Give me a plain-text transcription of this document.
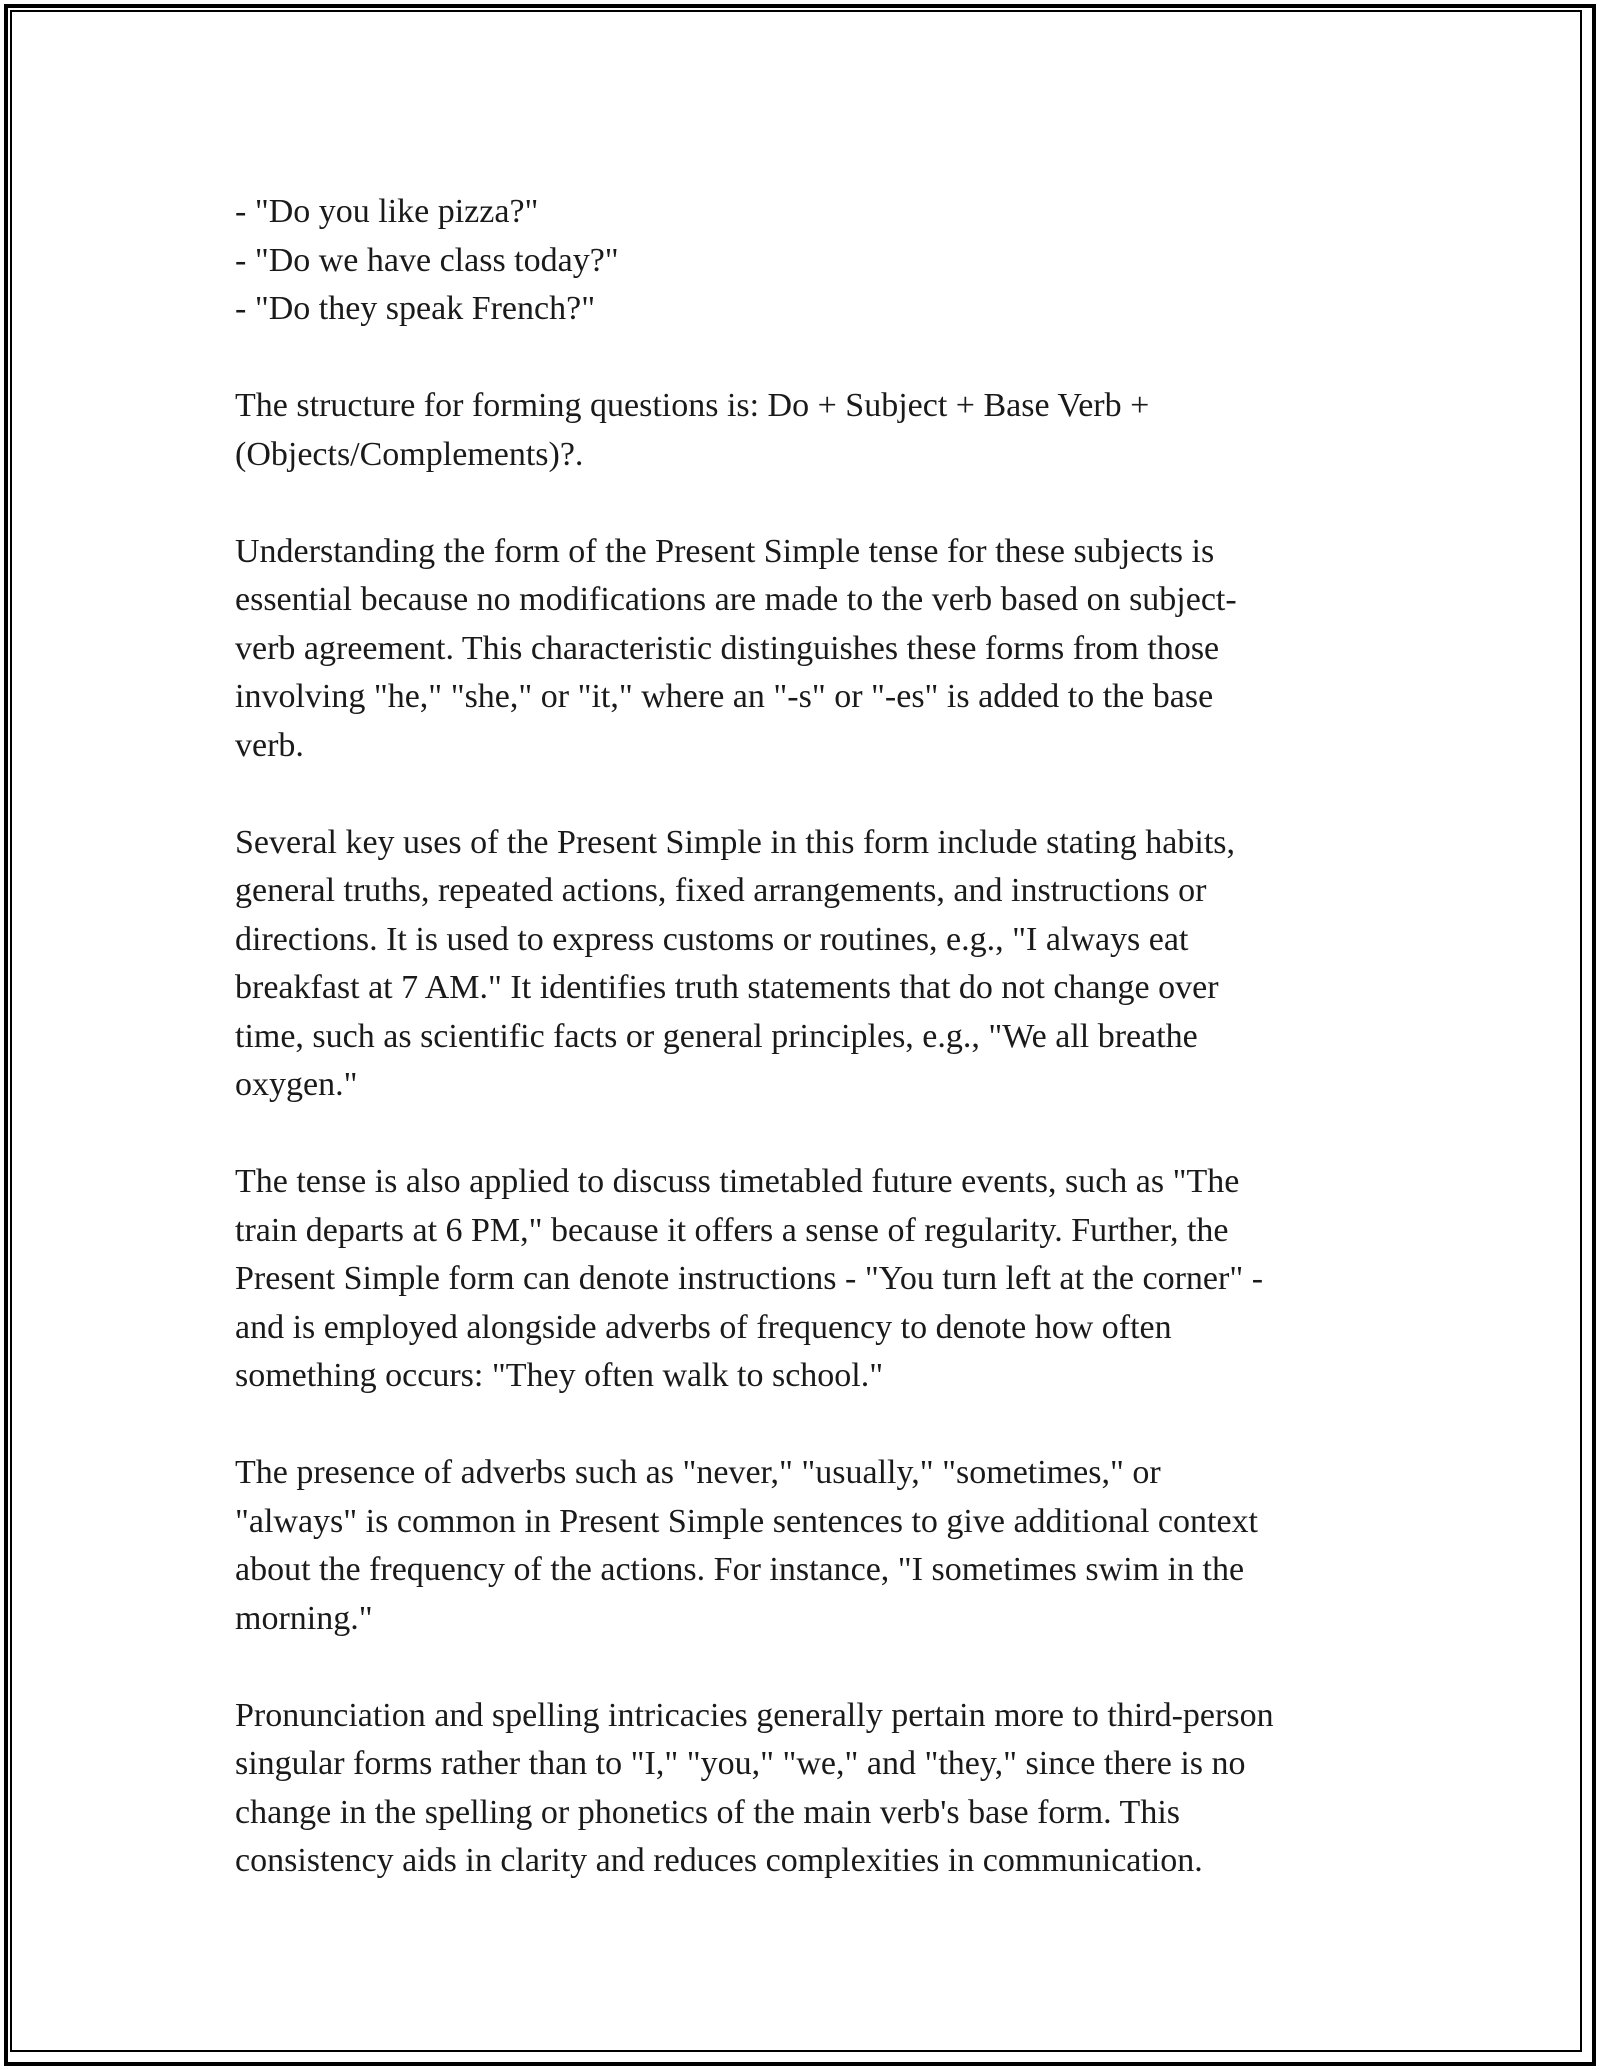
- "Do you like pizza?"
- "Do we have class today?"
- "Do they speak French?"
The structure for forming questions is: Do + Subject + Base Verb +
(Objects/Complements)?.
Understanding the form of the Present Simple tense for these subjects is
essential because no modifications are made to the verb based on subject-
verb agreement. This characteristic distinguishes these forms from those
involving "he," "she," or "it," where an "-s" or "-es" is added to the base
verb.
Several key uses of the Present Simple in this form include stating habits,
general truths, repeated actions, fixed arrangements, and instructions or
directions. It is used to express customs or routines, e.g., "I always eat
breakfast at 7 AM." It identifies truth statements that do not change over
time, such as scientific facts or general principles, e.g., "We all breathe
oxygen."
The tense is also applied to discuss timetabled future events, such as "The
train departs at 6 PM," because it offers a sense of regularity. Further, the
Present Simple form can denote instructions - "You turn left at the corner" -
and is employed alongside adverbs of frequency to denote how often
something occurs: "They often walk to school."
The presence of adverbs such as "never," "usually," "sometimes," or
"always" is common in Present Simple sentences to give additional context
about the frequency of the actions. For instance, "I sometimes swim in the
morning."
Pronunciation and spelling intricacies generally pertain more to third-person
singular forms rather than to "I," "you," "we," and "they," since there is no
change in the spelling or phonetics of the main verb's base form. This
consistency aids in clarity and reduces complexities in communication.
